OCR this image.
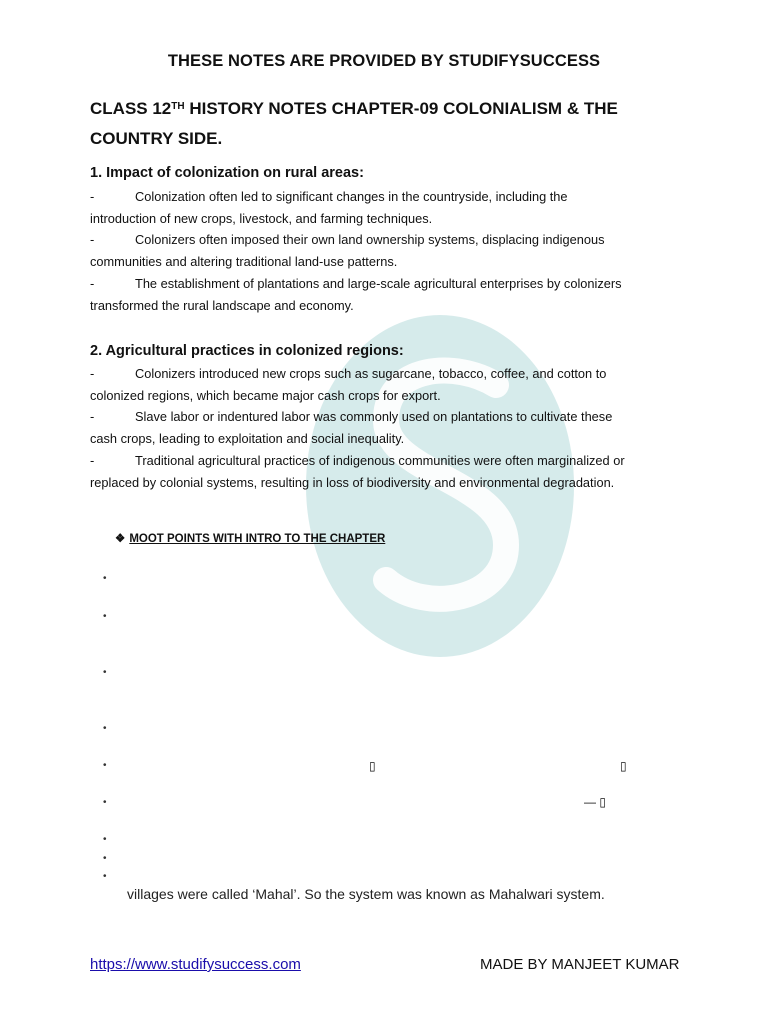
THESE NOTES ARE PROVIDED BY STUDIFYSUCCESS
CLASS 12TH HISTORY NOTES CHAPTER-09 COLONIALISM & THE
COUNTRY SIDE.
1. Impact of colonization on rural areas:
-	Colonization often led to significant changes in the countryside, including the
introduction of new crops, livestock, and farming techniques.
-	Colonizers often imposed their own land ownership systems, displacing indigenous
communities and altering traditional land-use patterns.
-	The establishment of plantations and large-scale agricultural enterprises by colonizers
transformed the rural landscape and economy.
2. Agricultural practices in colonized regions:
-	Colonizers introduced new crops such as sugarcane, tobacco, coffee, and cotton to
colonized regions, which became major cash crops for export.
-	Slave labor or indentured labor was commonly used on plantations to cultivate these
cash crops, leading to exploitation and social inequality.
-	Traditional agricultural practices of indigenous communities were often marginalized or
replaced by colonial systems, resulting in loss of biodiversity and environmental degradation.
❖ MOOT POINTS WITH INTRO TO THE CHAPTER
•
•
•
•
•	▯	▯
•	— ▯
•
•
•
villages were called ‘Mahal’. So the system was known as Mahalwari system.
https://www.studifysuccess.com	MADE BY MANJEET KUMAR
